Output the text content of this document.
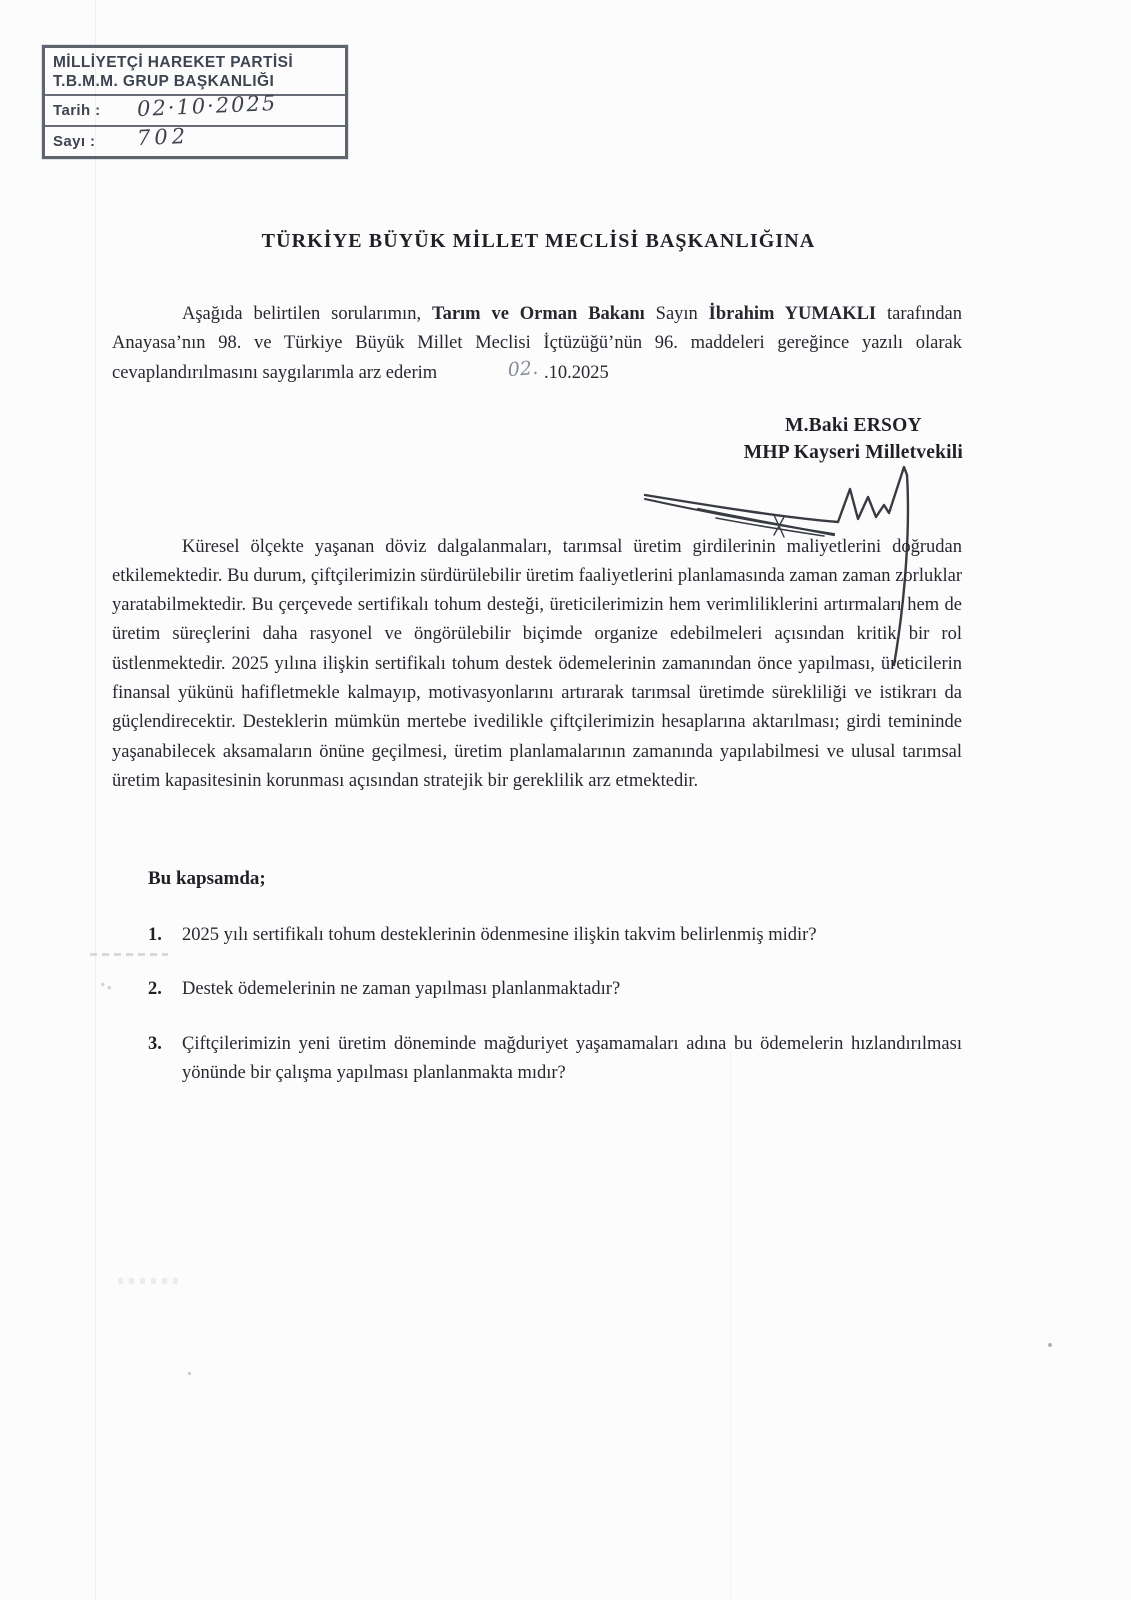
MİLLİYETÇİ HAREKET PARTİSİ
T.B.M.M. GRUP BAŞKANLIĞI
Tarih : 02·10·2025
Sayı : 702
TÜRKİYE BÜYÜK MİLLET MECLİSİ BAŞKANLIĞINA

Aşağıda belirtilen sorularımın, Tarım ve Orman Bakanı Sayın İbrahim YUMAKLI tarafından Anayasa’nın 98. ve Türkiye Büyük Millet Meclisi İçtüzüğü’nün 96. maddeleri gereğince yazılı olarak cevaplandırılmasını saygılarımla arz ederim	02. .10.2025

M.Baki ERSOY
MHP Kayseri Milletvekili

Küresel ölçekte yaşanan döviz dalgalanmaları, tarımsal üretim girdilerinin maliyetlerini doğrudan etkilemektedir. Bu durum, çiftçilerimizin sürdürülebilir üretim faaliyetlerini planlamasında zaman zaman zorluklar yaratabilmektedir. Bu çerçevede sertifikalı tohum desteği, üreticilerimizin hem verimliliklerini artırmaları hem de üretim süreçlerini daha rasyonel ve öngörülebilir biçimde organize edebilmeleri açısından kritik bir rol üstlenmektedir. 2025 yılına ilişkin sertifikalı tohum destek ödemelerinin zamanından önce yapılması, üreticilerin finansal yükünü hafifletmekle kalmayıp, motivasyonlarını artırarak tarımsal üretimde sürekliliği ve istikrarı da güçlendirecektir. Desteklerin mümkün mertebe ivedilikle çiftçilerimizin hesaplarına aktarılması; girdi temininde yaşanabilecek aksamaların önüne geçilmesi, üretim planlamalarının zamanında yapılabilmesi ve ulusal tarımsal üretim kapasitesinin korunması açısından stratejik bir gereklilik arz etmektedir.

Bu kapsamda;
2025 yılı sertifikalı tohum desteklerinin ödenmesine ilişkin takvim belirlenmiş midir?
Destek ödemelerinin ne zaman yapılması planlanmaktadır?
Çiftçilerimizin yeni üretim döneminde mağduriyet yaşamamaları adına bu ödemelerin hızlandırılması yönünde bir çalışma yapılması planlanmakta mıdır?
